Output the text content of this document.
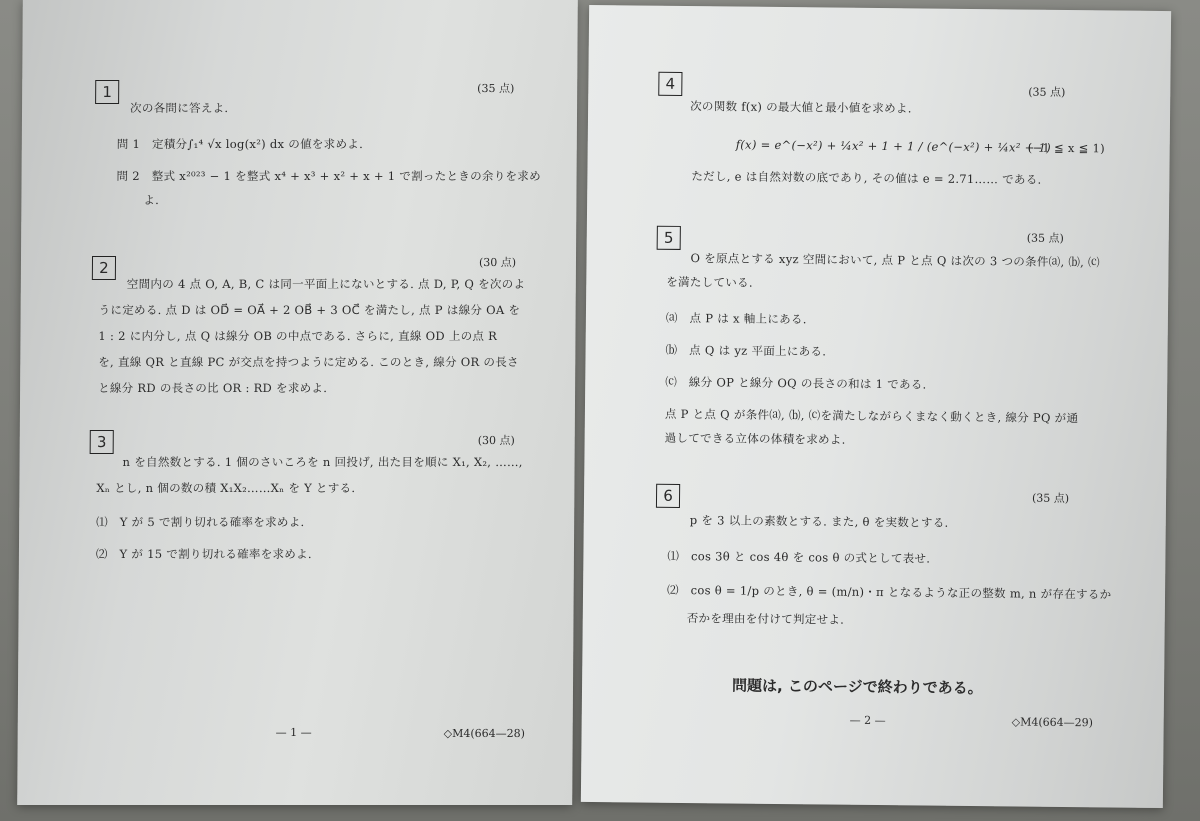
1	(35 点)
次の各問に答えよ.
問 1　定積分∫₁⁴ √x log(x²) dx の値を求めよ.
問 2　整式 x²⁰²³ − 1 を整式 x⁴ + x³ + x² + x + 1 で割ったときの余りを求め
よ.
2	(30 点)
空間内の 4 点 O, A, B, C は同一平面上にないとする. 点 D, P, Q を次のよ
うに定める. 点 D は OD⃗ = OA⃗ + 2 OB⃗ + 3 OC⃗ を満たし, 点 P は線分 OA を
1 : 2 に内分し, 点 Q は線分 OB の中点である. さらに, 直線 OD 上の点 R
を, 直線 QR と直線 PC が交点を持つように定める. このとき, 線分 OR の長さ
と線分 RD の長さの比 OR : RD を求めよ.
3	(30 点)
n を自然数とする. 1 個のさいころを n 回投げ, 出た目を順に X₁, X₂, ……,
Xₙ とし, n 個の数の積 X₁X₂……Xₙ を Y とする.
⑴　Y が 5 で割り切れる確率を求めよ.
⑵　Y が 15 で割り切れる確率を求めよ.
— 1 —	◇M4(664—28)
4	(35 点)
次の関数 f(x) の最大値と最小値を求めよ.
f(x) = e^(−x²) + ¼x² + 1 + 1 / (e^(−x²) + ¼x² + 1)
(−1 ≦ x ≦ 1)
ただし, e は自然対数の底であり, その値は e = 2.71…… である.
5	(35 点)
O を原点とする xyz 空間において, 点 P と点 Q は次の 3 つの条件⒜, ⒝, ⒞
を満たしている.
⒜　点 P は x 軸上にある.
⒝　点 Q は yz 平面上にある.
⒞　線分 OP と線分 OQ の長さの和は 1 である.
点 P と点 Q が条件⒜, ⒝, ⒞を満たしながらくまなく動くとき, 線分 PQ が通
過してできる立体の体積を求めよ.
6	(35 点)
p を 3 以上の素数とする. また, θ を実数とする.
⑴　cos 3θ と cos 4θ を cos θ の式として表せ.
⑵　cos θ = 1/p のとき, θ = (m/n)・π となるような正の整数 m, n が存在するか
否かを理由を付けて判定せよ.
問題は, このページで終わりである。
— 2 —	◇M4(664—29)
